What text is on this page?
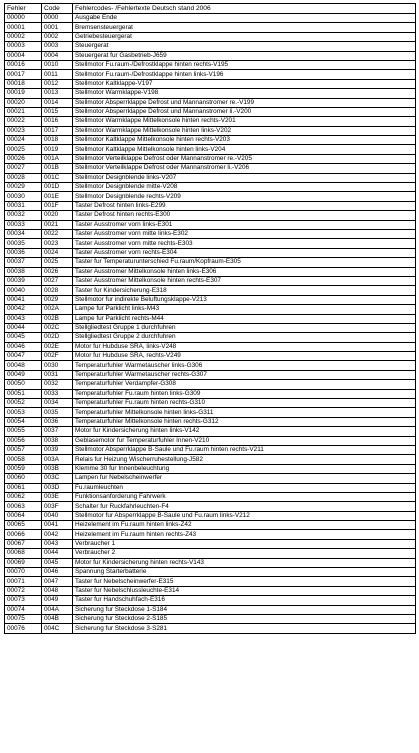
Fehler	Code	Fehlercodes- /Fehlertexte Deutsch stand 2006
00000	0000	Ausgabe Ende
00001	0001	Bremsensteuergerat
00002	0002	Getriebesteuergerat
00003	0003	Steuergerat
00004	0004	Steuergerat fur Gasbetrieb-J659
00016	0010	Stellmotor Fu.raum-/Defrostklappe hinten rechts-V195
00017	0011	Stellmotor Fu.raum-/Defrostklappe hinten links-V196
00018	0012	Stellmotor Kaltklappe-V197
00019	0013	Stellmotor Warmklappe-V198
00020	0014	Stellmotor Absperrklappe Defrost und Mannanstromer re.-V199
00021	0015	Stellmotor Absperrklappe Defrost und Mannanstromer li.-V200
00022	0016	Stellmotor Warmklappe Mittelkonsole hinten rechts-V201
00023	0017	Stellmotor Warmklappe Mittelkonsole hinten links-V202
00024	0018	Stellmotor Kaltklappe Mittelkonsole hinten rechts-V203
00025	0019	Stellmotor Kaltklappe Mittelkonsole hinten links-V204
00026	001A	Stellmotor Verteilklappe Defrost oder Mannanstromer re.-V205
00027	001B	Stellmotor Verteilklappe Defrost oder Mannanstromer li.-V206
00028	001C	Stellmotor Designblende links-V207
00029	001D	Stellmotor Designblende mitte-V208
00030	001E	Stellmotor Designblende rechts-V209
00031	001F	Taster Defrost hinten links-E299
00032	0020	Taster Defrost hinten rechts-E300
00033	0021	Taster Ausstromer vorn links-E301
00034	0022	Taster Ausstromer vorn mitte links-E302
00035	0023	Taster Ausstromer vorn mitte rechts-E303
00036	0024	Taster Ausstromer vorn rechts-E304
00037	0025	Taster fur Temperaturunterschied Fu.raum/Kopfraum-E305
00038	0026	Taster Ausstromer Mittelkonsole hinten links-E306
00039	0027	Taster Ausstromer Mittelkonsole hinten rechts-E307
00040	0028	Taster fur Kindersicherung-E318
00041	0029	Stellmotor fur indirekte Beluftungsklappe-V213
00042	002A	Lampe fur Parklicht links-M43
00043	002B	Lampe fur Parklicht rechts-M44
00044	002C	Stellgliedtest Gruppe 1 durchfuhren
00045	002D	Stellgliedtest Gruppe 2 durchfuhren
00046	002E	Motor fur Hubduse SRA, links-V248
00047	002F	Motor fur Hubduse SRA, rechts-V249
00048	0030	Temperaturfuhler Warmetauscher links-G306
00049	0031	Temperaturfuhler Warmetauscher rechts-G307
00050	0032	Temperaturfuhler Verdampfer-G308
00051	0033	Temperaturfuhler Fu.raum hinten links-G309
00052	0034	Temperaturfuhler Fu.raum hinten rechts-G310
00053	0035	Temperaturfuhler Mittelkonsole hinten links-G311
00054	0036	Temperaturfuhler Mittelkonsole hinten rechts-G312
00055	0037	Motor fur Kindersicherung hinten links-V142
00056	0038	Geblasemotor fur Temperaturfuhler Innen-V210
00057	0039	Stellmotor Absperrklappe B-Saule und Fu.raum hinten rechts-V211
00058	003A	Relais fur Heizung Wischerruhestellung-J582
00059	003B	Klemme 30 fur Innenbeleuchtung
00060	003C	Lampen fur Nebelscheinwerfer
00061	003D	Fu.raumleuchten
00062	003E	Funktionsanforderung Fahrwerk
00063	003F	Schalter fur Ruckfahrleuchten-F4
00064	0040	Stellmotor fur Absperrklappe B-Saule und Fu.raum links-V212
00065	0041	Heizelement im Fu.raum hinten links-Z42
00066	0042	Heizelement im Fu.raum hinten rechts-Z43
00067	0043	Verbraucher 1
00068	0044	Verbraucher 2
00069	0045	Motor fur Kindersicherung hinten rechts-V143
00070	0046	Spannung Starterbatterie
00071	0047	Taster fur Nebelscheinwerfer-E315
00072	0048	Taster fur Nebelschlussleuchte-E314
00073	0049	Taster fur Handschuhfach-E316
00074	004A	Sicherung fur Steckdose 1-S184
00075	004B	Sicherung fur Steckdose 2-S185
00076	004C	Sicherung fur Steckdose 3-S281
